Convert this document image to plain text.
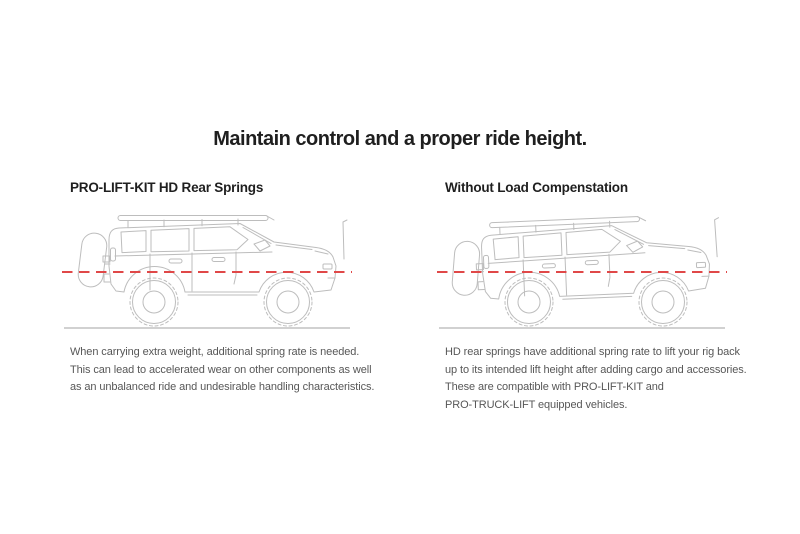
Maintain control and a proper ride height.
PRO-LIFT-KIT HD Rear Springs
When carrying extra weight, additional spring rate is needed.
This can lead to accelerated wear on other components as well
as an unbalanced ride and undesirable handling characteristics.
Without Load Compenstation
HD rear springs have additional spring rate to lift your rig back
up to its intended lift height after adding cargo and accessories.
These are compatible with PRO-LIFT-KIT and
PRO-TRUCK-LIFT equipped vehicles.
